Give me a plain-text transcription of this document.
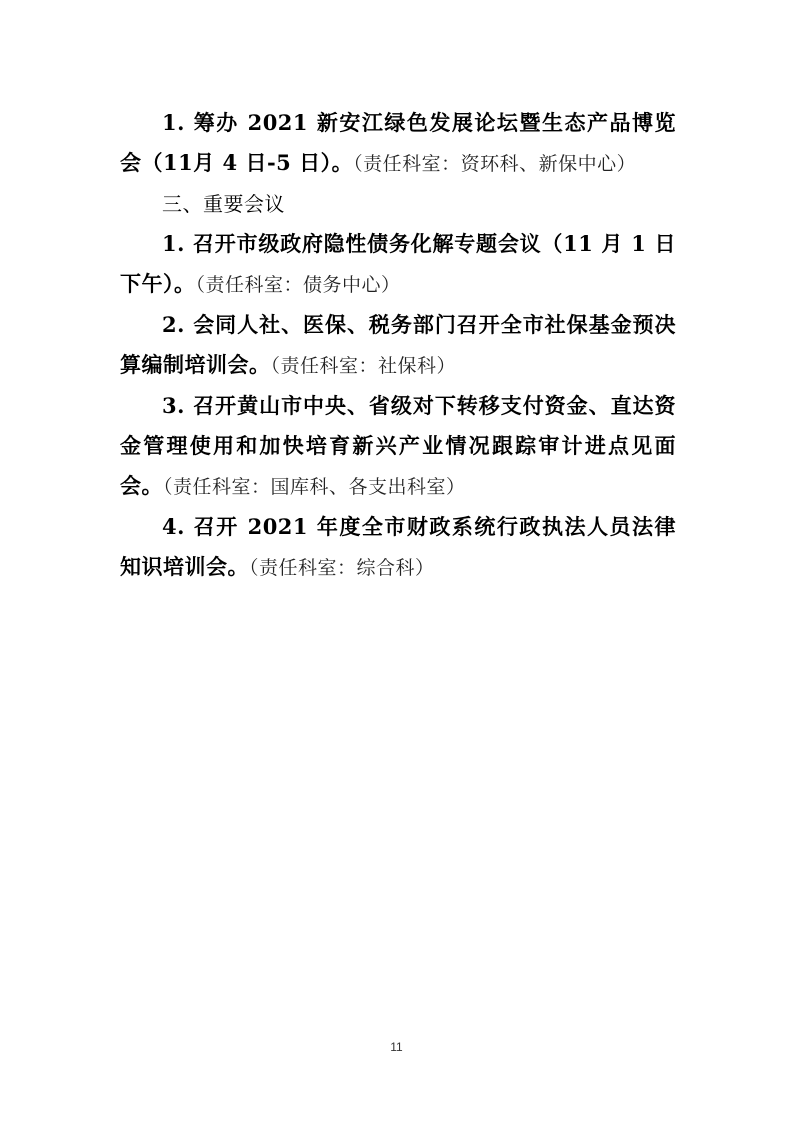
1. 筹办 2021 新安江绿色发展论坛暨生态产品博览会（11月 4 日-5 日）。（责任科室：资环科、新保中心）

三、重要会议

1. 召开市级政府隐性债务化解专题会议（11 月 1 日下午）。（责任科室：债务中心）

2. 会同人社、医保、税务部门召开全市社保基金预决算编制培训会。（责任科室：社保科）

3. 召开黄山市中央、省级对下转移支付资金、直达资金管理使用和加快培育新兴产业情况跟踪审计进点见面会。（责任科室：国库科、各支出科室）

4. 召开 2021 年度全市财政系统行政执法人员法律知识培训会。（责任科室：综合科）

11
